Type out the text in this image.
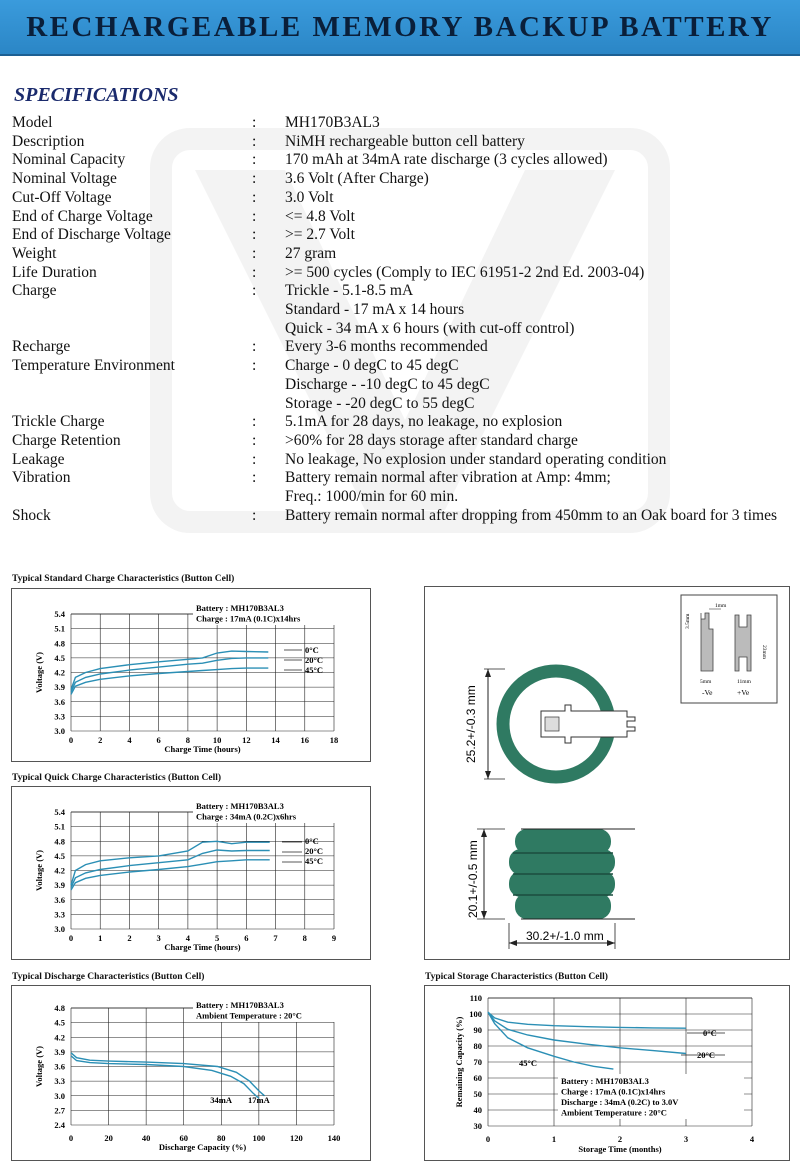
RECHARGEABLE MEMORY BACKUP BATTERY
SPECIFICATIONS
Model	: MH170B3AL3
Description	: NiMH rechargeable button cell battery
Nominal Capacity	: 170 mAh at 34mA rate discharge (3 cycles allowed)
Nominal Voltage	: 3.6 Volt (After Charge)
Cut-Off Voltage	: 3.0 Volt
End of Charge Voltage	: <= 4.8 Volt
End of Discharge Voltage	: >= 2.7 Volt
Weight	: 27 gram
Life Duration	: >= 500 cycles (Comply to IEC 61951-2 2nd Ed. 2003-04)
Charge	: Trickle - 5.1-8.5 mA
Standard - 17 mA x 14 hours
Quick - 34 mA x 6 hours (with cut-off control)
Recharge	: Every 3-6 months recommended
Temperature Environment	: Charge - 0 degC to 45 degC
Discharge - -10 degC to 45 degC
Storage - -20 degC to 55 degC
Trickle Charge	: 5.1mA for 28 days, no leakage, no explosion
Charge Retention	: >60% for 28 days storage after standard charge
Leakage	: No leakage, No explosion under standard operating condition
Vibration	: Battery remain normal after vibration at Amp: 4mm;
Freq.: 1000/min for 60 min.
Shock	: Battery remain normal after dropping from 450mm to an Oak board for 3 times
Typical Standard Charge Characteristics (Button Cell)
0	2	4	6	8	10 12 14 16 18
3.0
3.3
3.6
3.9
4.2
4.5
4.8
5.1
5.4
Battery : MH170B3AL3
Charge : 17mA (0.1C)x14hrs
0°C
20°C
45°C
Charge Time (hours)
Voltage (V)
Typical Quick Charge Characteristics (Button Cell)
0	1	2	3	4	5	6	7	8	9
3.0
3.3
3.6
3.9
4.2
4.5
4.8
5.1
5.4
Battery : MH170B3AL3
Charge : 34mA (0.2C)x6hrs
0°C
20°C
45°C
Charge Time (hours)
Voltage (V)
Typical Discharge Characteristics (Button Cell)
0	20	40	60	80	100	120	140
2.4
2.7
3.0
3.3
3.6
3.9
4.2
4.5
4.8	Battery : MH170B3AL3
Ambient Temperature : 20°C
34mA 17mA
Discharge Capacity (%)
Voltage (V)
Typical Storage Characteristics (Button Cell)
0	1	2	3	4
30
40
50
60
70
80
90
100
110
Battery : MH170B3AL3
Charge : 17mA (0.1C)x14hrs
Discharge : 34mA (0.2C) to 3.0V
Ambient Temperature : 20°C
0°C
20°C
45°C
Storage Time (months)
Remaining Capacity (%)
1mm
3.5mm
23mm
5mm	11mm
-Ve	+Ve
25.2+/-0.3 mm
20.1+/-0.5 mm
30.2+/-1.0 mm
